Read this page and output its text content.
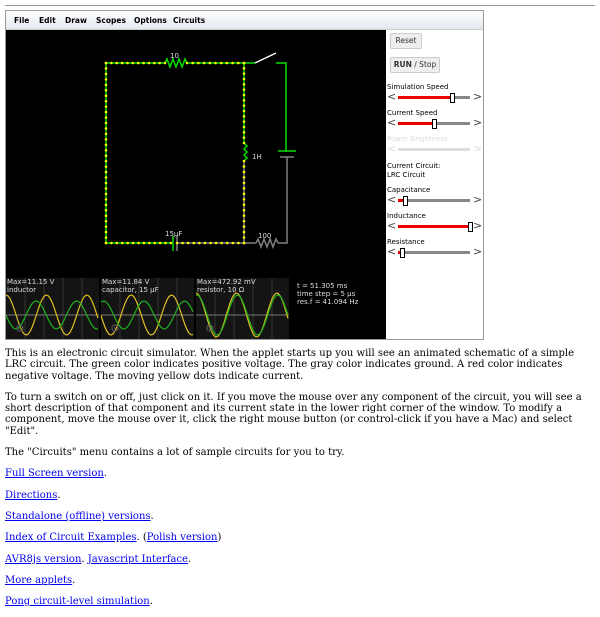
File Edit Draw Scopes Options Circuits
10
1H
15µF	100
⚙	⚙	⚙
Max=11.15 V
inductor
Max=11.84 V
capacitor, 15 µF
Max=472.92 mV
resistor, 10 Ω	t = 51.305 ms
time step = 5 µs
res.f = 41.094 Hz
Reset
RUN / Stop
Simulation Speed
<	>
Current Speed
<	>
Power Brightness
<	>
Capacitance
<	>
Inductance
<	>
Resistance
<	>
Current Circuit:
LRC Circuit

This is an electronic circuit simulator. When the applet starts up you will see an animated schematic of a simple LRC circuit. The green color indicates positive voltage. The gray color indicates ground. A red color indicates negative voltage. The moving yellow dots indicate current.

To turn a switch on or off, just click on it. If you move the mouse over any component of the circuit, you will see a short description of that component and its current state in the lower right corner of the window. To modify a component, move the mouse over it, click the right mouse button (or control-click if you have a Mac) and select "Edit".

The "Circuits" menu contains a lot of sample circuits for you to try.

Full Screen version.

Directions.

Standalone (offline) versions.

Index of Circuit Examples. (Polish version)

AVR8js version. Javascript Interface.

More applets.

Pong circuit-level simulation.
